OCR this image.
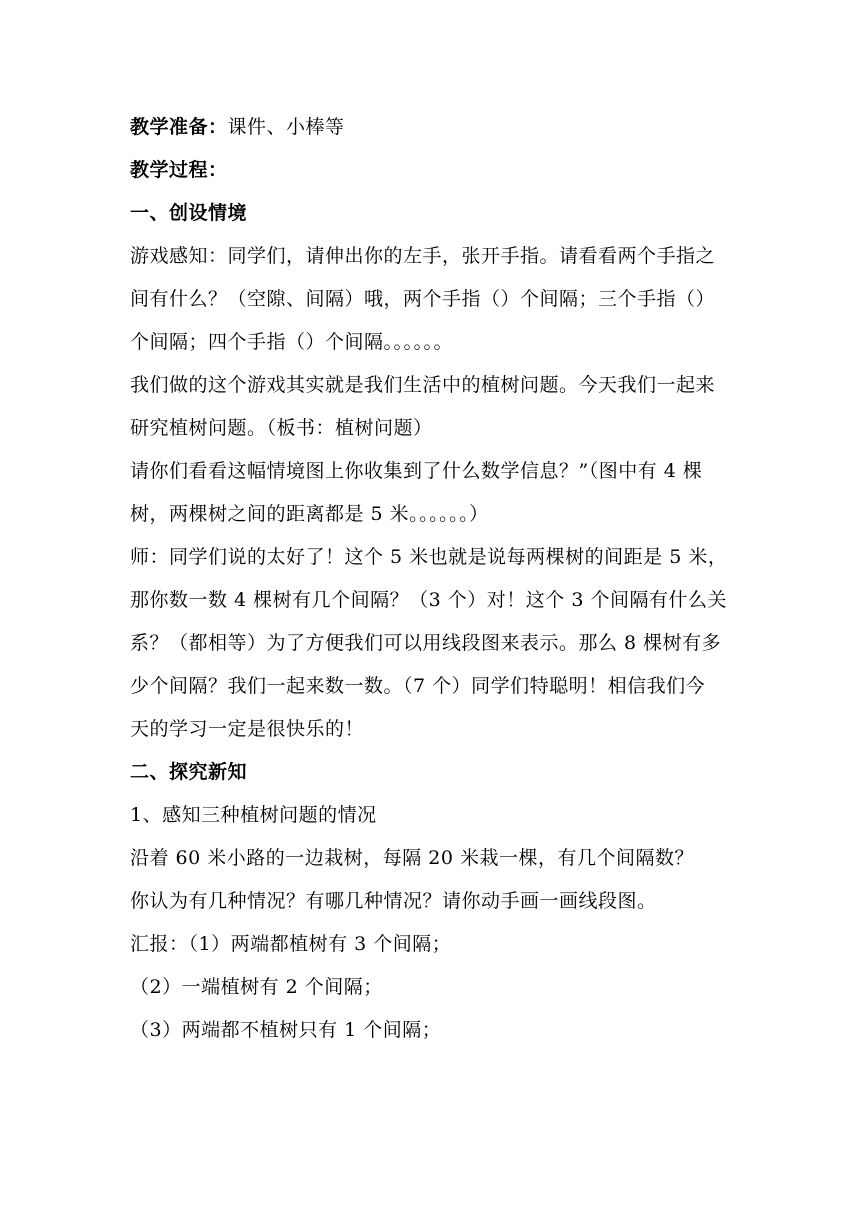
教学准备：课件、小棒等
教学过程：
一、创设情境
游戏感知：同学们，请伸出你的左手，张开手指。请看看两个手指之
间有什么？（空隙、间隔）哦，两个手指（）个间隔；三个手指（）
个间隔；四个手指（）个间隔。。。。。。
我们做的这个游戏其实就是我们生活中的植树问题。今天我们一起来
研究植树问题。（板书：植树问题）
请你们看看这幅情境图上你收集到了什么数学信息？”（图中有 4 棵
树，两棵树之间的距离都是 5 米。。。。。。）
师：同学们说的太好了！这个 5 米也就是说每两棵树的间距是 5 米，
那你数一数 4 棵树有几个间隔？（3 个）对！这个 3 个间隔有什么关
系？（都相等）为了方便我们可以用线段图来表示。那么 8 棵树有多
少个间隔？我们一起来数一数。（7 个）同学们特聪明！相信我们今
天的学习一定是很快乐的！
二、探究新知
1、感知三种植树问题的情况
沿着 60 米小路的一边栽树，每隔 20 米栽一棵，有几个间隔数？
你认为有几种情况？有哪几种情况？请你动手画一画线段图。
汇报：（1）两端都植树有 3 个间隔；
（2）一端植树有 2 个间隔；
（3）两端都不植树只有 1 个间隔；
